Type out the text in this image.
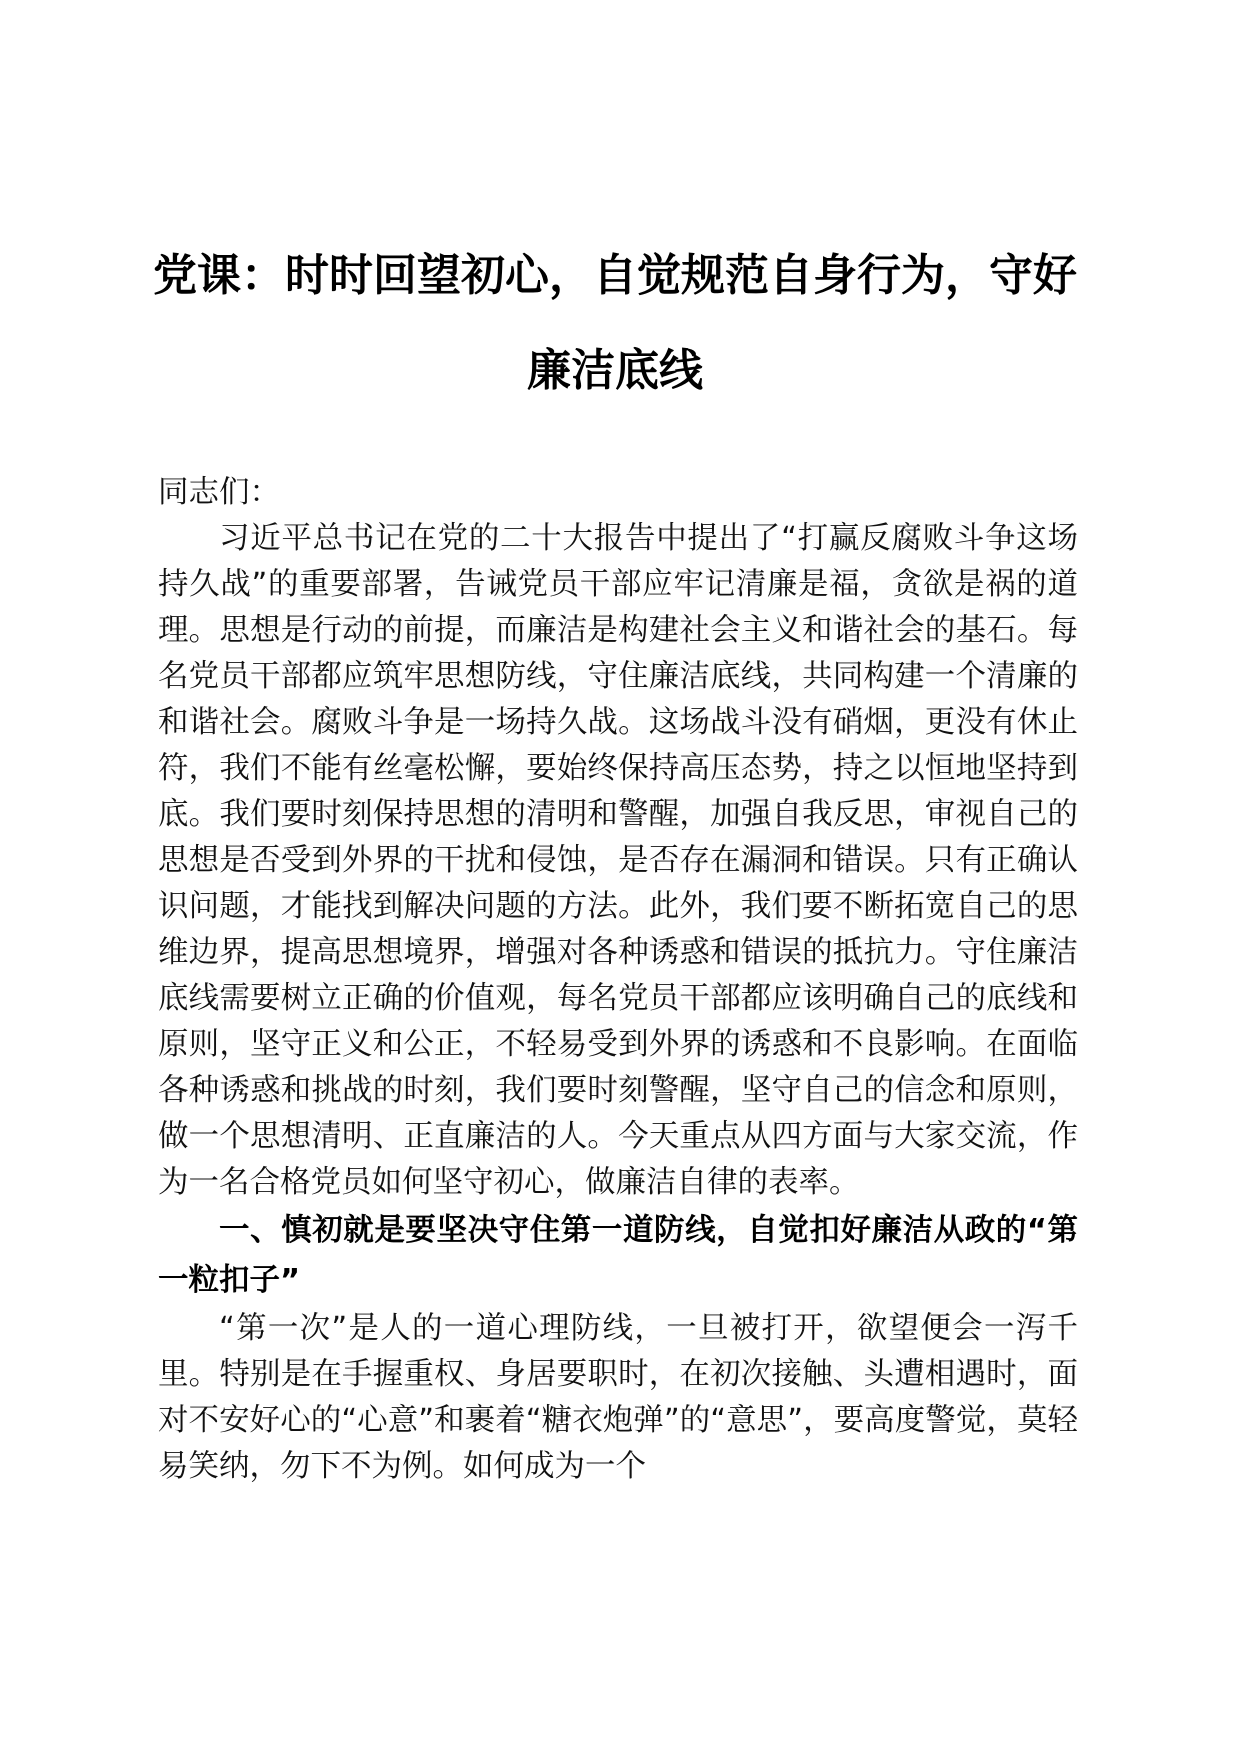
党课：时时回望初心，自觉规范自身行为，守好廉洁底线

同志们：

习近平总书记在党的二十大报告中提出了“打赢反腐败斗争这场持久战”的重要部署，告诫党员干部应牢记清廉是福，贪欲是祸的道理。思想是行动的前提，而廉洁是构建社会主义和谐社会的基石。每名党员干部都应筑牢思想防线，守住廉洁底线，共同构建一个清廉的和谐社会。腐败斗争是一场持久战。这场战斗没有硝烟，更没有休止符，我们不能有丝毫松懈，要始终保持高压态势，持之以恒地坚持到底。我们要时刻保持思想的清明和警醒，加强自我反思，审视自己的思想是否受到外界的干扰和侵蚀，是否存在漏洞和错误。只有正确认识问题，才能找到解决问题的方法。此外，我们要不断拓宽自己的思维边界，提高思想境界，增强对各种诱惑和错误的抵抗力。守住廉洁底线需要树立正确的价值观，每名党员干部都应该明确自己的底线和原则，坚守正义和公正，不轻易受到外界的诱惑和不良影响。在面临各种诱惑和挑战的时刻，我们要时刻警醒，坚守自己的信念和原则，做一个思想清明、正直廉洁的人。今天重点从四方面与大家交流，作为一名合格党员如何坚守初心，做廉洁自律的表率。

一、慎初就是要坚决守住第一道防线，自觉扣好廉洁从政的“第一粒扣子”

“第一次”是人的一道心理防线，一旦被打开，欲望便会一泻千里。特别是在手握重权、身居要职时，在初次接触、头遭相遇时，面对不安好心的“心意”和裹着“糖衣炮弹”的“意思”，要高度警觉，莫轻易笑纳，勿下不为例。如何成为一个
